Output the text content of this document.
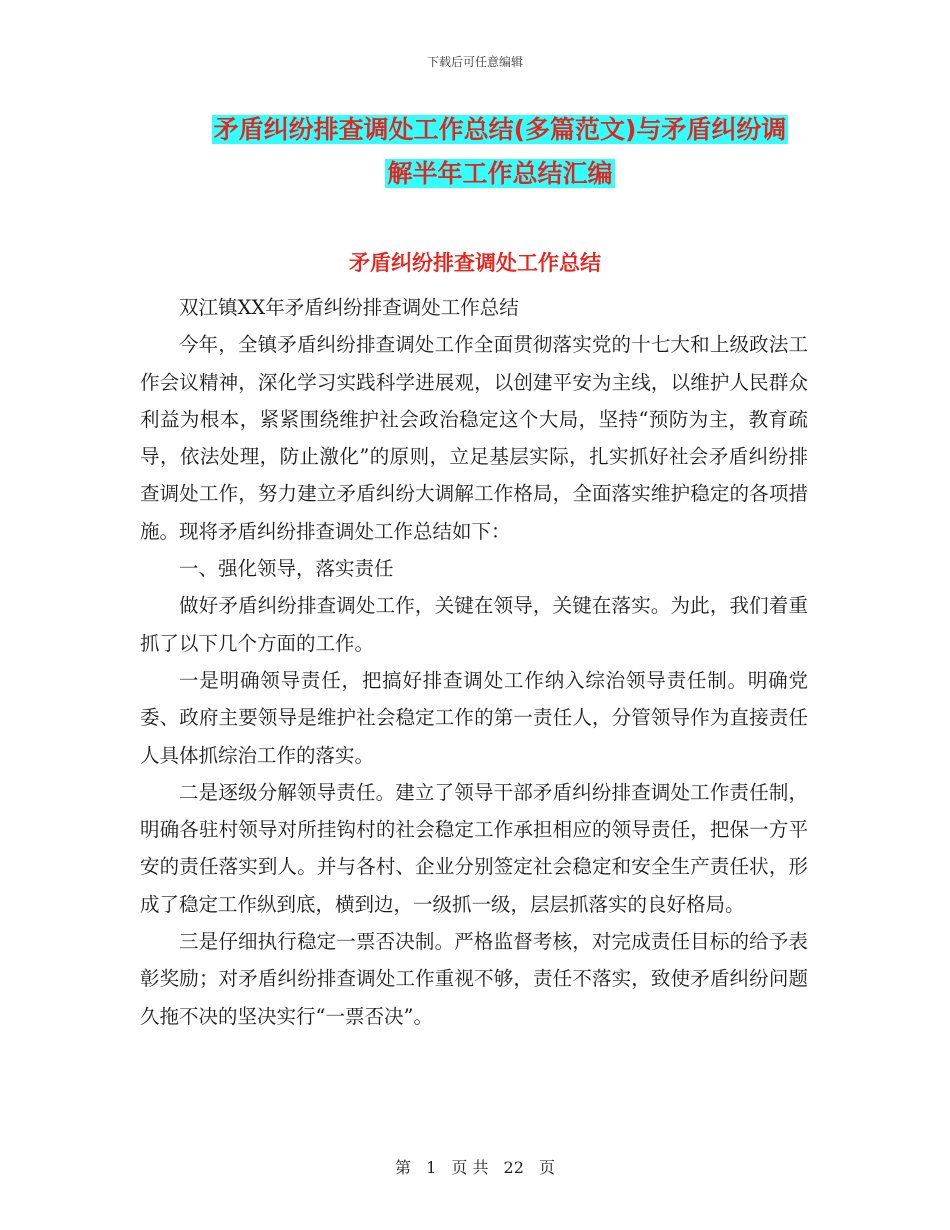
下载后可任意编辑
矛盾纠纷排查调处工作总结(多篇范文)与矛盾纠纷调
解半年工作总结汇编
矛盾纠纷排查调处工作总结

双江镇XX年矛盾纠纷排查调处工作总结

今年，全镇矛盾纠纷排查调处工作全面贯彻落实党的十七大和上级政法工作会议精神，深化学习实践科学进展观，以创建平安为主线，以维护人民群众利益为根本，紧紧围绕维护社会政治稳定这个大局，坚持“预防为主，教育疏导，依法处理，防止激化”的原则，立足基层实际，扎实抓好社会矛盾纠纷排查调处工作，努力建立矛盾纠纷大调解工作格局，全面落实维护稳定的各项措施。现将矛盾纠纷排查调处工作总结如下：

一、强化领导，落实责任

做好矛盾纠纷排查调处工作，关键在领导，关键在落实。为此，我们着重抓了以下几个方面的工作。

一是明确领导责任，把搞好排查调处工作纳入综治领导责任制。明确党委、政府主要领导是维护社会稳定工作的第一责任人，分管领导作为直接责任人具体抓综治工作的落实。

二是逐级分解领导责任。建立了领导干部矛盾纠纷排查调处工作责任制，明确各驻村领导对所挂钩村的社会稳定工作承担相应的领导责任，把保一方平安的责任落实到人。并与各村、企业分别签定社会稳定和安全生产责任状，形成了稳定工作纵到底，横到边，一级抓一级，层层抓落实的良好格局。

三是仔细执行稳定一票否决制。严格监督考核，对完成责任目标的给予表彰奖励；对矛盾纠纷排查调处工作重视不够，责任不落实，致使矛盾纠纷问题久拖不决的坚决实行“一票否决”。

第 1 页 共 22 页
